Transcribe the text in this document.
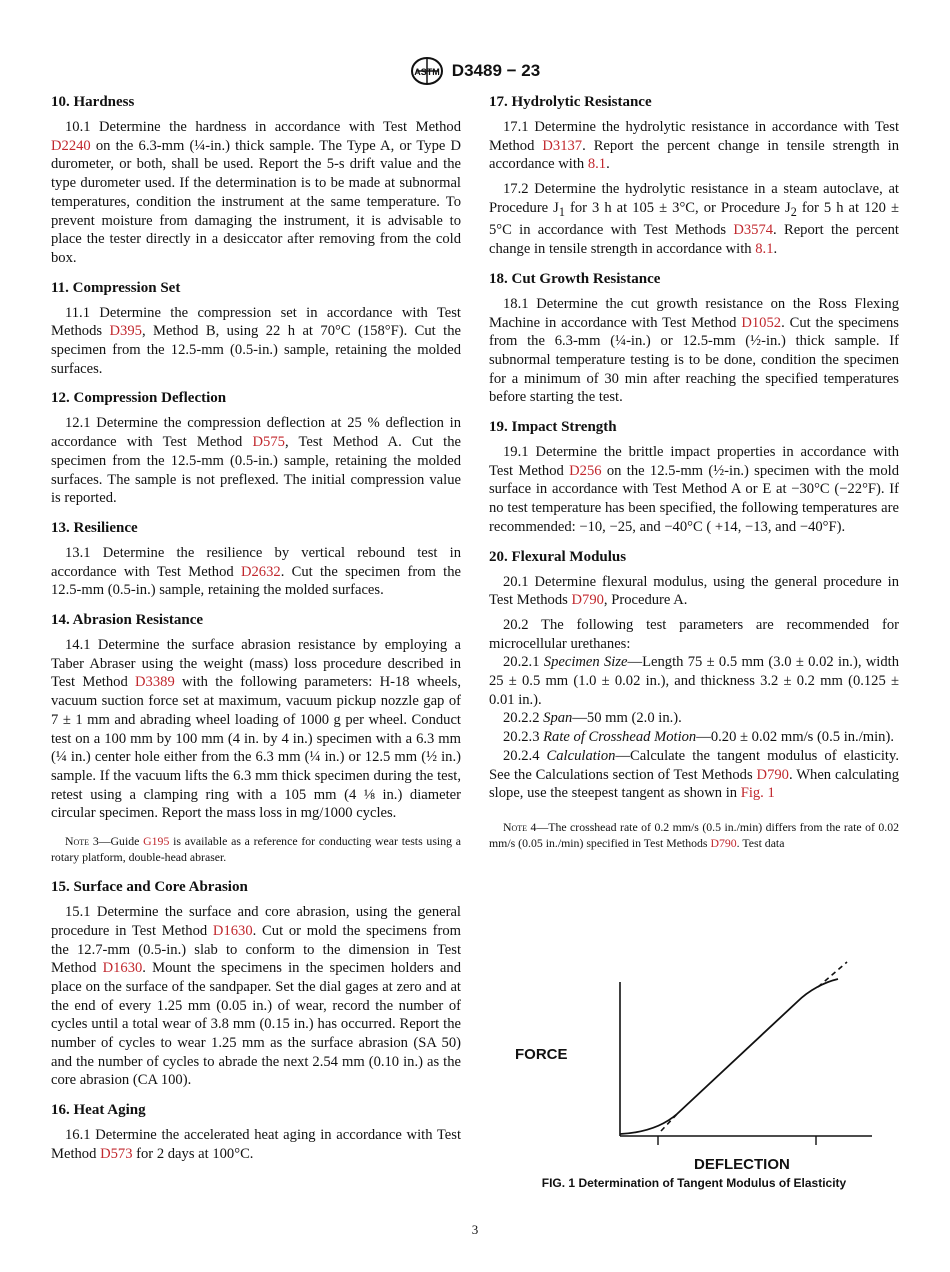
ASTM D3489 − 23
10. Hardness

10.1 Determine the hardness in accordance with Test Method D2240 on the 6.3-mm (¼-in.) thick sample. The Type A, or Type D durometer, or both, shall be used. Report the 5-s drift value and the type durometer used. If the determination is to be made at subnormal temperatures, condition the instrument at the same temperature. To prevent moisture from damaging the instrument, it is advisable to place the tester directly in a desiccator after removing from the cold box.

11. Compression Set

11.1 Determine the compression set in accordance with Test Methods D395, Method B, using 22 h at 70°C (158°F). Cut the specimen from the 12.5-mm (0.5-in.) sample, retaining the molded surfaces.

12. Compression Deflection

12.1 Determine the compression deflection at 25 % deflection in accordance with Test Method D575, Test Method A. Cut the specimen from the 12.5-mm (0.5-in.) sample, retaining the molded surfaces. The sample is not preflexed. The initial compression value is reported.

13. Resilience

13.1 Determine the resilience by vertical rebound test in accordance with Test Method D2632. Cut the specimen from the 12.5-mm (0.5-in.) sample, retaining the molded surfaces.

14. Abrasion Resistance

14.1 Determine the surface abrasion resistance by employing a Taber Abraser using the weight (mass) loss procedure described in Test Method D3389 with the following parameters: H-18 wheels, vacuum suction force set at maximum, vacuum pickup nozzle gap of 7 ± 1 mm and abrading wheel loading of 1000 g per wheel. Conduct test on a 100 mm by 100 mm (4 in. by 4 in.) specimen with a 6.3 mm (¼ in.) center hole either from the 6.3 mm (¼ in.) or 12.5 mm (½ in.) sample. If the vacuum lifts the 6.3 mm thick specimen during the test, retest using a clamping ring with a 105 mm (4 ⅛ in.) diameter circular specimen. Report the mass loss in mg/1000 cycles.

Note 3—Guide G195 is available as a reference for conducting wear tests using a rotary platform, double-head abraser.
15. Surface and Core Abrasion

15.1 Determine the surface and core abrasion, using the general procedure in Test Method D1630. Cut or mold the specimens from the 12.7-mm (0.5-in.) slab to conform to the dimension in Test Method D1630. Mount the specimens in the specimen holders and place on the surface of the sandpaper. Set the dial gages at zero and at the end of every 1.25 mm (0.05 in.) of wear, record the number of cycles until a total wear of 3.8 mm (0.15 in.) has occurred. Report the number of cycles to wear 1.25 mm as the surface abrasion (SA 50) and the number of cycles to abrade the next 2.54 mm (0.10 in.) as the core abrasion (CA 100).

16. Heat Aging

16.1 Determine the accelerated heat aging in accordance with Test Method D573 for 2 days at 100°C.

17. Hydrolytic Resistance

17.1 Determine the hydrolytic resistance in accordance with Test Method D3137. Report the percent change in tensile strength in accordance with 8.1.

17.2 Determine the hydrolytic resistance in a steam autoclave, at Procedure $J_1$ for 3 h at 105 ± 3°C, or Procedure $J_2$ for 5 h at 120 ± 5°C in accordance with Test Methods D3574. Report the percent change in tensile strength in accordance with 8.1.

18. Cut Growth Resistance

18.1 Determine the cut growth resistance on the Ross Flexing Machine in accordance with Test Method D1052. Cut the specimens from the 6.3-mm (¼-in.) or 12.5-mm (½-in.) thick sample. If subnormal temperature testing is to be done, condition the specimen for a minimum of 30 min after reaching the specified temperatures before starting the test.

19. Impact Strength

19.1 Determine the brittle impact properties in accordance with Test Method D256 on the 12.5-mm (½-in.) specimen with the mold surface in accordance with Test Method A or E at −30°C (−22°F). If no test temperature has been specified, the following temperatures are recommended: −10, −25, and −40°C ( +14, −13, and −40°F).

20. Flexural Modulus

20.1 Determine flexural modulus, using the general procedure in Test Methods D790, Procedure A.

20.2 The following test parameters are recommended for microcellular urethanes:

20.2.1 Specimen Size—Length 75 ± 0.5 mm (3.0 ± 0.02 in.), width 25 ± 0.5 mm (1.0 ± 0.02 in.), and thickness 3.2 ± 0.2 mm (0.125 ± 0.01 in.).

20.2.2 Span—50 mm (2.0 in.).

20.2.3 Rate of Crosshead Motion—0.20 ± 0.02 mm/s (0.5 in./min).

20.2.4 Calculation—Calculate the tangent modulus of elasticity. See the Calculations section of Test Methods D790. When calculating slope, use the steepest tangent as shown in Fig. 1

Note 4—The crosshead rate of 0.2 mm/s (0.5 in./min) differs from the rate of 0.02 mm/s (0.05 in./min) specified in Test Methods D790. Test data
FORCE
DEFLECTION
FIG. 1 Determination of Tangent Modulus of Elasticity
3
